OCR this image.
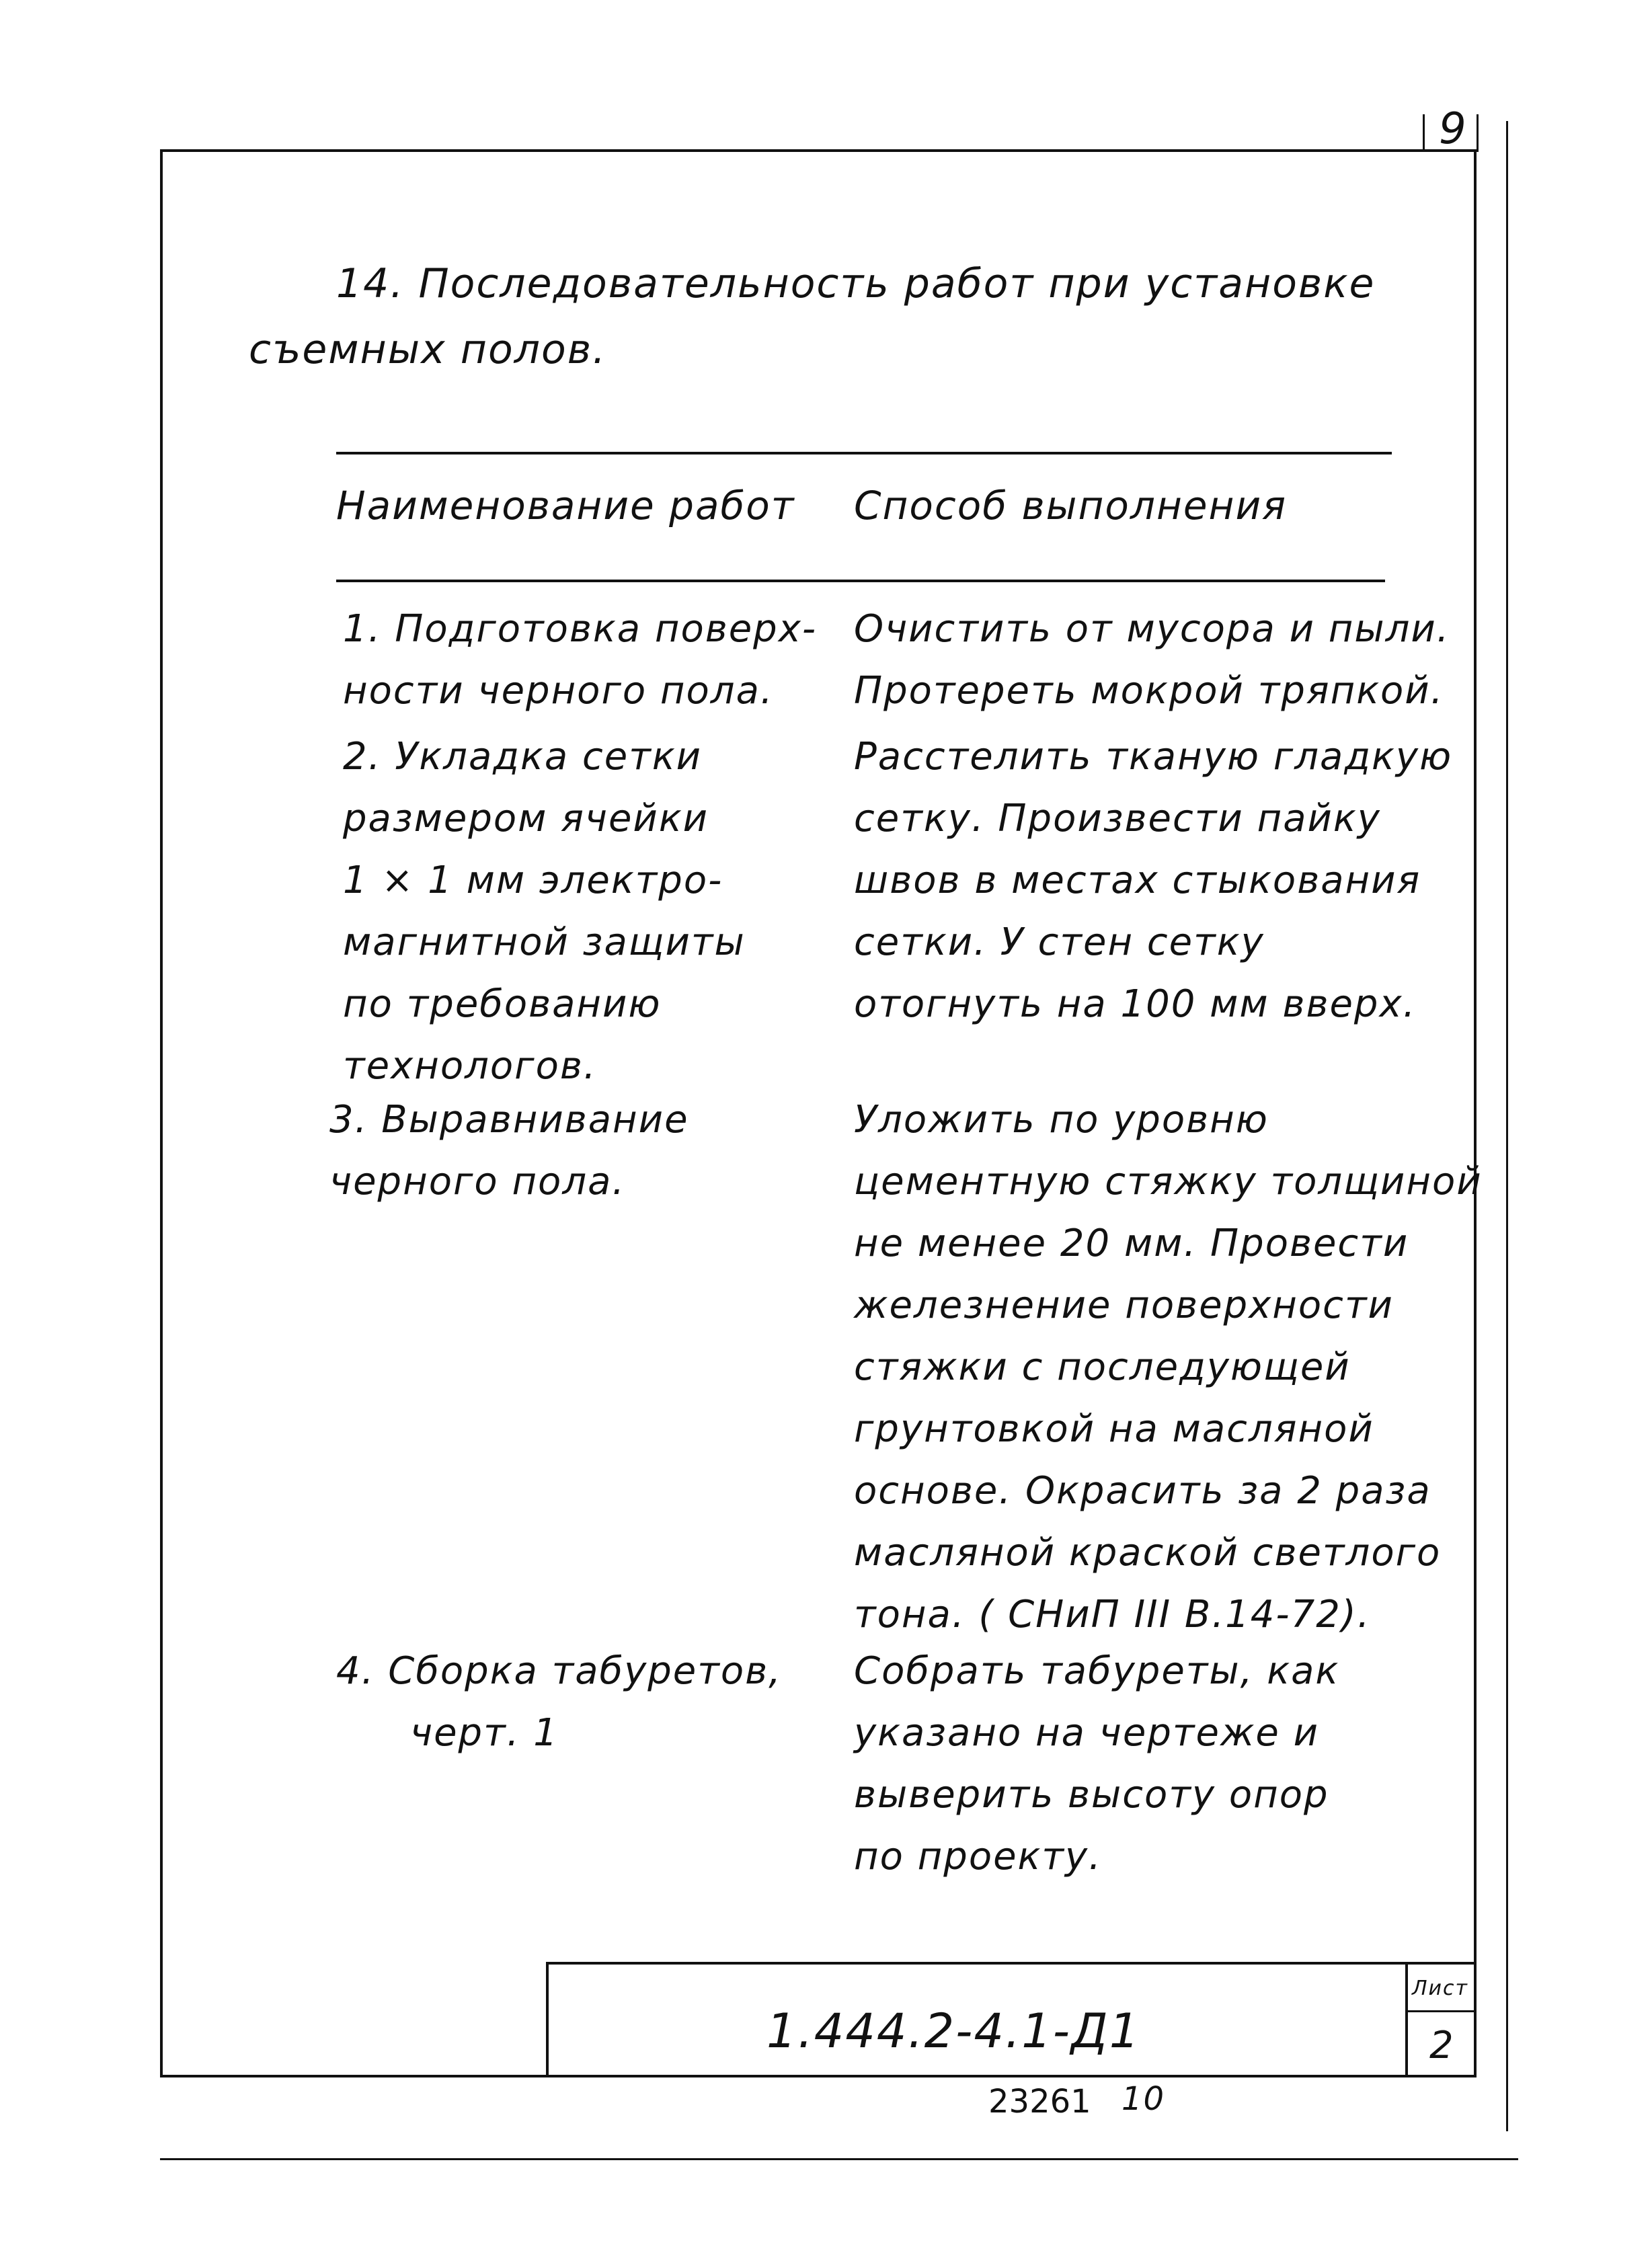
9
14. Последовательность работ при установке
съемных полов.
Наименование работ Способ выполнения
1. Подготовка поверх-
ности черного пола.
Очистить от мусора и пыли.
Протереть мокрой тряпкой.
2. Укладка сетки
размером ячейки
1 × 1 мм электро-
магнитной защиты
по требованию
технологов.
Расстелить тканую гладкую
сетку. Произвести пайку
швов в местах стыкования
сетки. У стен сетку
отогнуть на 100 мм вверх.
3. Выравнивание
черного пола.
Уложить по уровню
цементную стяжку толщиной
не менее 20 мм. Провести
железнение поверхности
стяжки с последующей
грунтовкой на масляной
основе. Окрасить за 2 раза
масляной краской светлого
тона. ( СНиП III В.14-72).
4. Сборка табуретов,
черт. 1
Собрать табуреты, как
указано на чертеже и
выверить высоту опор
по проекту.
1.444.2-4.1-Д1
Лист
2
23261 10
